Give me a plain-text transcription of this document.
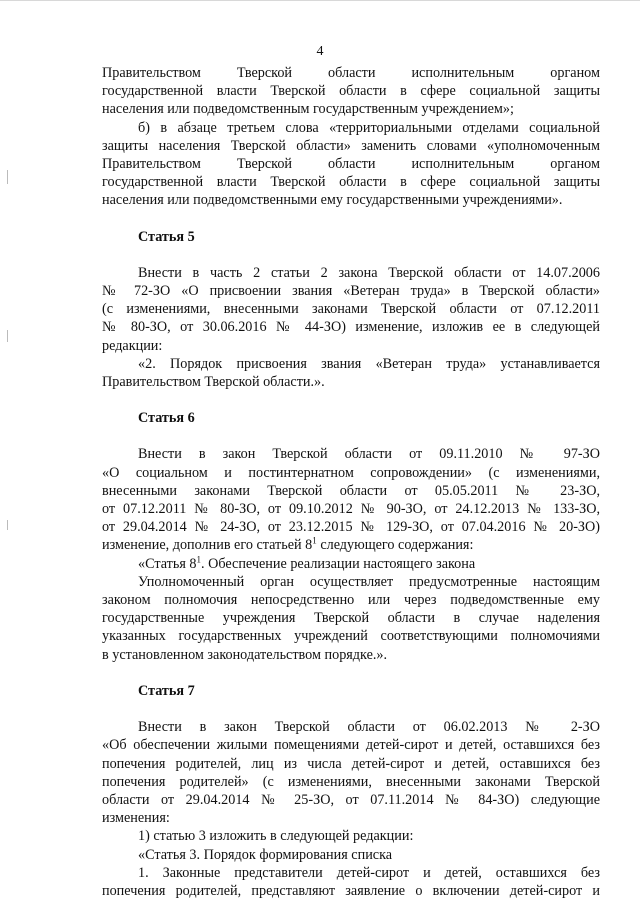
4

Правительством Тверской области исполнительным органом

государственной власти Тверской области в сфере социальной защиты

населения или подведомственным государственным учреждением»;

б) в абзаце третьем слова «территориальными отделами социальной

защиты населения Тверской области» заменить словами «уполномоченным

Правительством Тверской области исполнительным органом

государственной власти Тверской области в сфере социальной защиты

населения или подведомственными ему государственными учреждениями».

Статья 5

Внести в часть 2 статьи 2 закона Тверской области от 14.07.2006

№ 72-ЗО «О присвоении звания «Ветеран труда» в Тверской области»

(с изменениями, внесенными законами Тверской области от 07.12.2011

№ 80-ЗО, от 30.06.2016 № 44-ЗО) изменение, изложив ее в следующей

редакции:

«2. Порядок присвоения звания «Ветеран труда» устанавливается

Правительством Тверской области.».

Статья 6

Внести в закон Тверской области от 09.11.2010 № 97-ЗО

«О социальном и постинтернатном сопровождении» (с изменениями,

внесенными законами Тверской области от 05.05.2011 № 23-ЗО,

от 07.12.2011 № 80-ЗО, от 09.10.2012 № 90-ЗО, от 24.12.2013 № 133-ЗО,

от 29.04.2014 № 24-ЗО, от 23.12.2015 № 129-ЗО, от 07.04.2016 № 20-ЗО)

изменение, дополнив его статьей $8^1$ следующего содержания:

«Статья $8^1$. Обеспечение реализации настоящего закона

Уполномоченный орган осуществляет предусмотренные настоящим

законом полномочия непосредственно или через подведомственные ему

государственные учреждения Тверской области в случае наделения

указанных государственных учреждений соответствующими полномочиями

в установленном законодательством порядке.».

Статья 7

Внести в закон Тверской области от 06.02.2013 № 2-ЗО

«Об обеспечении жилыми помещениями детей-сирот и детей, оставшихся без

попечения родителей, лиц из числа детей-сирот и детей, оставшихся без

попечения родителей» (с изменениями, внесенными законами Тверской

области от 29.04.2014 № 25-ЗО, от 07.11.2014 № 84-ЗО) следующие

изменения:

1) статью 3 изложить в следующей редакции:

«Статья 3. Порядок формирования списка

1. Законные представители детей-сирот и детей, оставшихся без

попечения родителей, представляют заявление о включении детей-сирот и
